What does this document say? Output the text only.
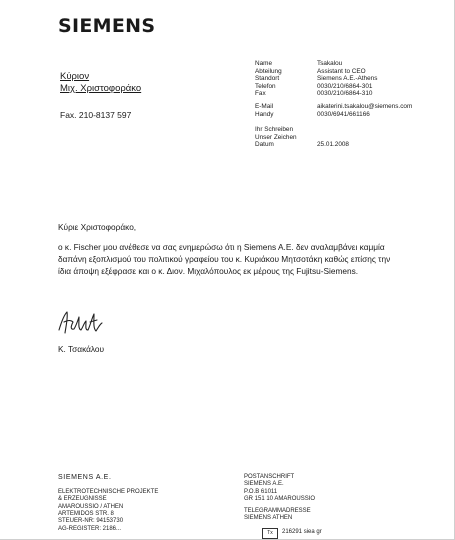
SIEMENS
Κύριον
Μιχ. Χριστοφοράκο
Fax. 210-8137 597
Name	Tsakalou
Abteilung	Assistant to CEO
Standort	Siemens A.E.-Athens
Telefon	0030/210/6864-301
Fax	0030/210/6864-310
E-Mail	aikaterini.tsakalou@siemens.com
Handy	0030/6941/661166
Ihr Schreiben
Unser Zeichen
Datum	25.01.2008
Κύριε Χριστοφοράκο,
ο κ. Fischer μου ανέθεσε να σας ενημερώσω ότι η Siemens A.E. δεν αναλαμβάνει καμμία
δαπάνη εξοπλισμού του πολιτικού γραφείου του κ. Κυριάκου Μητσοτάκη καθώς επίσης την
ίδια άποψη εξέφρασε και ο κ. Διον. Μιχαλόπουλος εκ μέρους της Fujitsu-Siemens.
Κ. Τσακάλου
SIEMENS A.E.
ELEKTROTECHNISCHE PROJEKTE
& ERZEUGNISSE
AMAROUSSIO / ATHEN
ARTEMIDOS STR. 8
STEUER-NR: 94153730
AG-REGISTER: 2186...
POSTANSCHRIFT
SIEMENS A.E.
P.O.B 61011
GR 151 10 AMAROUSSIO
TELEGRAMMADRESSE
SIEMENS ATHEN
Tx	216291 siea gr
